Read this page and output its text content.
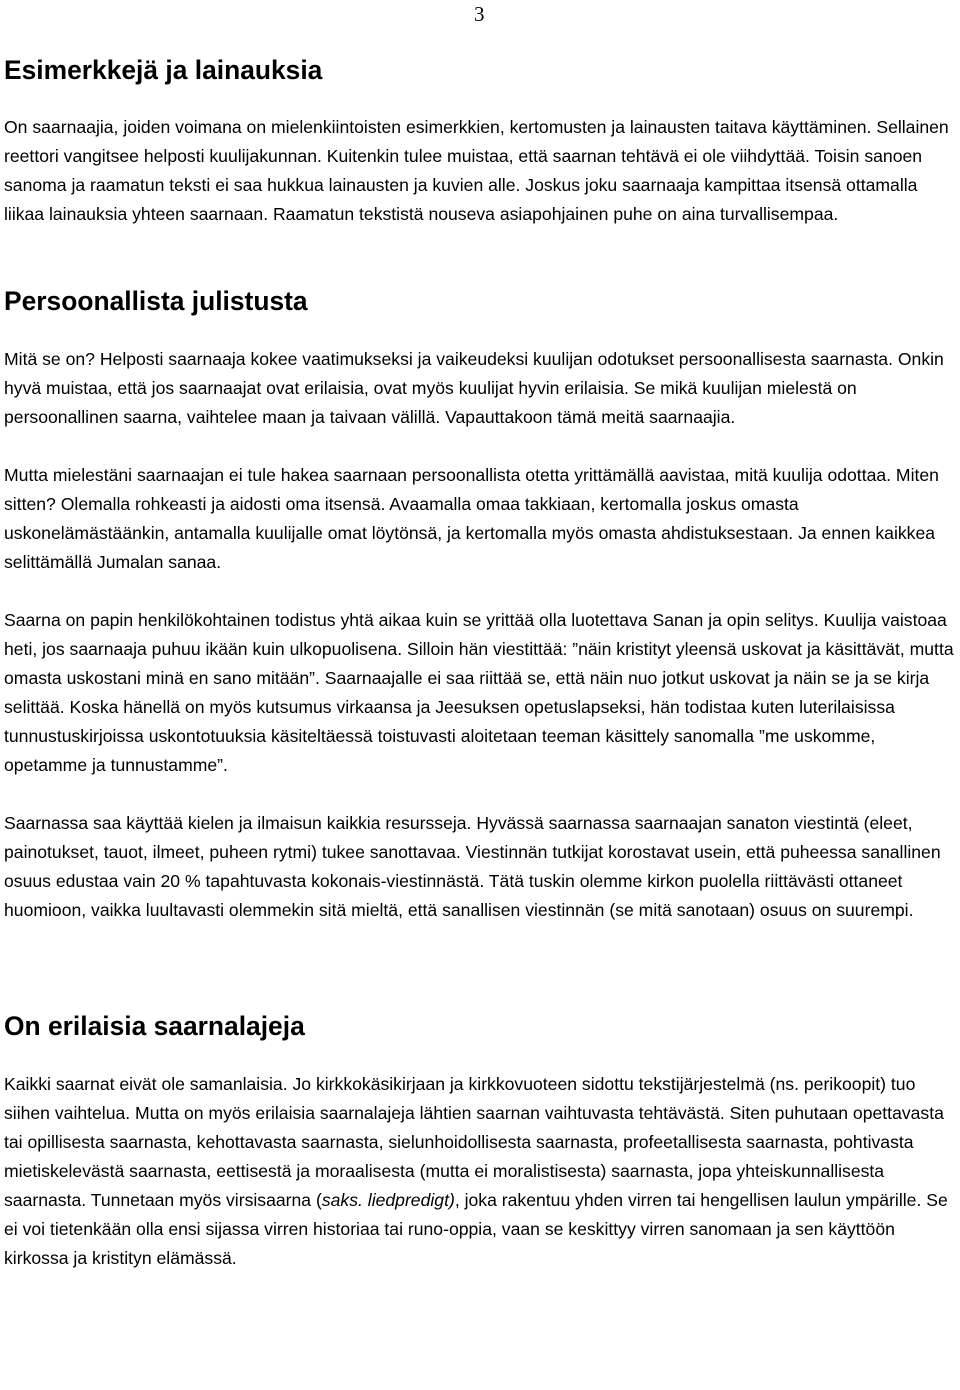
3
Esimerkkejä ja lainauksia

On saarnaajia, joiden voimana on mielenkiintoisten esimerkkien, kertomusten ja lainausten taitava käyttäminen. Sellainen reettori vangitsee helposti kuulijakunnan. Kuitenkin tulee muistaa, että saarnan tehtävä ei ole viihdyttää. Toisin sanoen sanoma ja raamatun teksti ei saa hukkua lainausten ja kuvien alle. Joskus joku saarnaaja kampittaa itsensä ottamalla liikaa lainauksia yhteen saarnaan. Raamatun tekstistä nouseva asiapohjainen puhe on aina turvallisempaa.

Persoonallista julistusta

Mitä se on? Helposti saarnaaja kokee vaatimukseksi ja vaikeudeksi kuulijan odotukset persoonallisesta saarnasta. Onkin hyvä muistaa, että jos saarnaajat ovat erilaisia, ovat myös kuulijat hyvin erilaisia. Se mikä kuulijan mielestä on persoonallinen saarna, vaihtelee maan ja taivaan välillä. Vapauttakoon tämä meitä saarnaajia.

Mutta mielestäni saarnaajan ei tule hakea saarnaan persoonallista otetta yrittämällä aavistaa, mitä kuulija odottaa. Miten sitten? Olemalla rohkeasti ja aidosti oma itsensä. Avaamalla omaa takkiaan, kertomalla joskus omasta uskonelämästäänkin, antamalla kuulijalle omat löytönsä, ja kertomalla myös omasta ahdistuksestaan. Ja ennen kaikkea selittämällä Jumalan sanaa.

Saarna on papin henkilökohtainen todistus yhtä aikaa kuin se yrittää olla luotettava Sanan ja opin selitys. Kuulija vaistoaa heti, jos saarnaaja puhuu ikään kuin ulkopuolisena. Silloin hän viestittää: ”näin kristityt yleensä uskovat ja käsittävät, mutta omasta uskostani minä en sano mitään”. Saarnaajalle ei saa riittää se, että näin nuo jotkut uskovat ja näin se ja se kirja selittää. Koska hänellä on myös kutsumus virkaansa ja Jeesuksen opetuslapseksi, hän todistaa kuten luterilaisissa tunnustuskirjoissa uskontotuuksia käsiteltäessä toistuvasti aloitetaan teeman käsittely sanomalla ”me uskomme, opetamme ja tunnustamme”.

Saarnassa saa käyttää kielen ja ilmaisun kaikkia resursseja. Hyvässä saarnassa saarnaajan sanaton viestintä (eleet, painotukset, tauot, ilmeet, puheen rytmi) tukee sanottavaa. Viestinnän tutkijat korostavat usein, että puheessa sanallinen osuus edustaa vain 20 % tapahtuvasta kokonais-viestinnästä. Tätä tuskin olemme kirkon puolella riittävästi ottaneet huomioon, vaikka luultavasti olemmekin sitä mieltä, että sanallisen viestinnän (se mitä sanotaan) osuus on suurempi.

On erilaisia saarnalajeja

Kaikki saarnat eivät ole samanlaisia. Jo kirkkokäsikirjaan ja kirkkovuoteen sidottu tekstijärjestelmä (ns. perikoopit) tuo siihen vaihtelua. Mutta on myös erilaisia saarnalajeja lähtien saarnan vaihtuvasta tehtävästä. Siten puhutaan opettavasta tai opillisesta saarnasta, kehottavasta saarnasta, sielunhoidollisesta saarnasta, profeetallisesta saarnasta, pohtivasta mietiskelevästä saarnasta, eettisestä ja moraalisesta (mutta ei moralistisesta) saarnasta, jopa yhteiskunnallisesta saarnasta. Tunnetaan myös virsisaarna (saks. liedpredigt), joka rakentuu yhden virren tai hengellisen laulun ympärille. Se ei voi tietenkään olla ensi sijassa virren historiaa tai runo-oppia, vaan se keskittyy virren sanomaan ja sen käyttöön kirkossa ja kristityn elämässä.
